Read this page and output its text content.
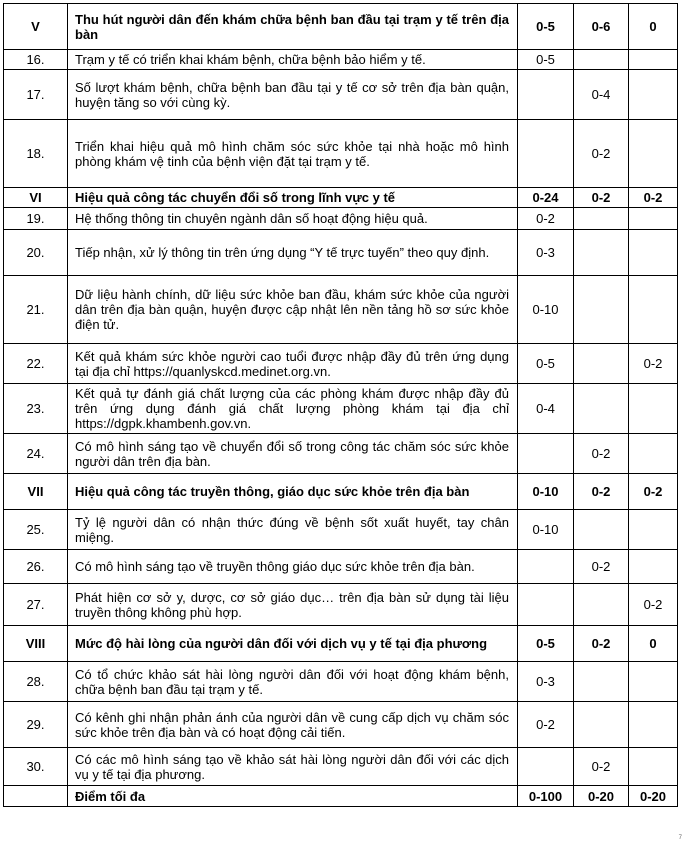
V	Thu hút người dân đến khám chữa bệnh ban đầu tại trạm y tế trên địa bàn	0-5	0-6	0
16.	Trạm y tế có triển khai khám bệnh, chữa bệnh bảo hiểm y tế.	0-5		
17.	Số lượt khám bệnh, chữa bệnh ban đầu tại y tế cơ sở trên địa bàn quận, huyện tăng so với cùng kỳ.		0-4	
18.	Triển khai hiệu quả mô hình chăm sóc sức khỏe tại nhà hoặc mô hình phòng khám vệ tinh của bệnh viện đặt tại trạm y tế.		0-2	
VI	Hiệu quả công tác chuyển đổi số trong lĩnh vực y tế	0-24	0-2	0-2
19.	Hệ thống thông tin chuyên ngành dân số hoạt động hiệu quả.	0-2		
20.	Tiếp nhận, xử lý thông tin trên ứng dụng “Y tế trực tuyến” theo quy định.	0-3		
21.	Dữ liệu hành chính, dữ liệu sức khỏe ban đầu, khám sức khỏe của người dân trên địa bàn quận, huyện được cập nhật lên nền tảng hồ sơ sức khỏe điện tử.	0-10		
22.	Kết quả khám sức khỏe người cao tuổi được nhập đầy đủ trên ứng dụng tại địa chỉ https://quanlyskcd.medinet.org.vn.	0-5		0-2
23.	Kết quả tự đánh giá chất lượng của các phòng khám được nhập đầy đủ trên ứng dụng đánh giá chất lượng phòng khám tại địa chỉ https://dgpk.khambenh.gov.vn.	0-4		
24.	Có mô hình sáng tạo về chuyển đổi số trong công tác chăm sóc sức khỏe người dân trên địa bàn.		0-2	
VII	Hiệu quả công tác truyền thông, giáo dục sức khỏe trên địa bàn	0-10	0-2	0-2
25.	Tỷ lệ người dân có nhận thức đúng về bệnh sốt xuất huyết, tay chân miệng.	0-10		
26.	Có mô hình sáng tạo về truyền thông giáo dục sức khỏe trên địa bàn.		0-2	
27.	Phát hiện cơ sở y, dược, cơ sở giáo dục… trên địa bàn sử dụng tài liệu truyền thông không phù hợp.			0-2
VIII	Mức độ hài lòng của người dân đối với dịch vụ y tế tại địa phương	0-5	0-2	0
28.	Có tổ chức khảo sát hài lòng người dân đối với hoạt động khám bệnh, chữa bệnh ban đầu tại trạm y tế.	0-3		
29.	Có kênh ghi nhận phản ánh của người dân về cung cấp dịch vụ chăm sóc sức khỏe trên địa bàn và có hoạt động cải tiến.	0-2		
30.	Có các mô hình sáng tạo về khảo sát hài lòng người dân đối với các dịch vụ y tế tại địa phương.		0-2	
	Điểm tối đa	0-100	0-20	0-20
7
